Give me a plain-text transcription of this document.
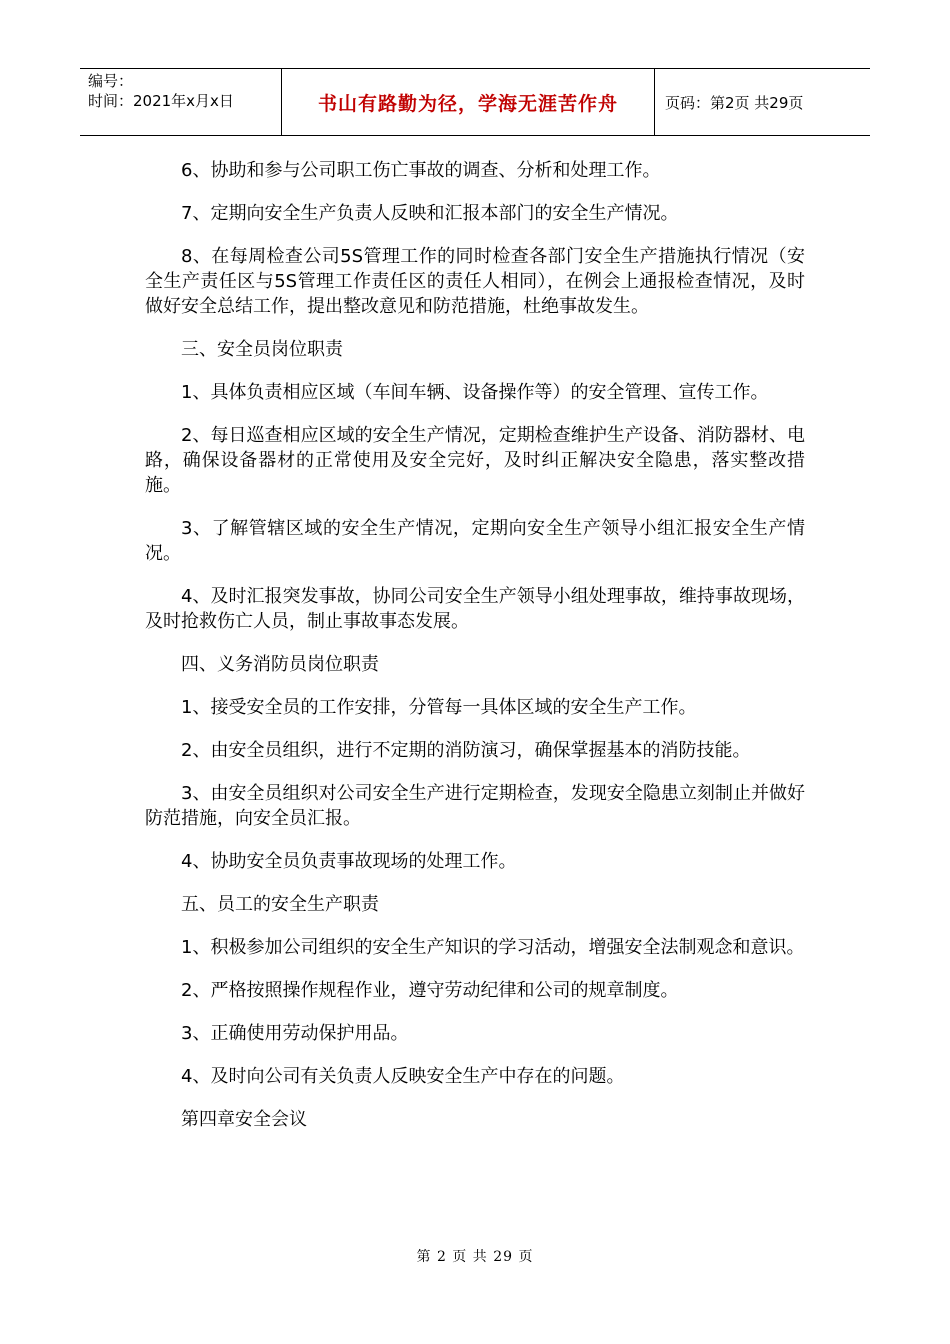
编号：
时间：2021年x月x日	书山有路勤为径，学海无涯苦作舟	页码：第2页 共29页

6、协助和参与公司职工伤亡事故的调查、分析和处理工作。

7、定期向安全生产负责人反映和汇报本部门的安全生产情况。

8、在每周检查公司5S管理工作的同时检查各部门安全生产措施执行情况（安全生产责任区与5S管理工作责任区的责任人相同），在例会上通报检查情况，及时做好安全总结工作，提出整改意见和防范措施，杜绝事故发生。

三、安全员岗位职责

1、具体负责相应区域（车间车辆、设备操作等）的安全管理、宣传工作。

2、每日巡查相应区域的安全生产情况，定期检查维护生产设备、消防器材、电路，确保设备器材的正常使用及安全完好，及时纠正解决安全隐患，落实整改措施。

3、了解管辖区域的安全生产情况，定期向安全生产领导小组汇报安全生产情况。

4、及时汇报突发事故，协同公司安全生产领导小组处理事故，维持事故现场，及时抢救伤亡人员，制止事故事态发展。

四、义务消防员岗位职责

1、接受安全员的工作安排，分管每一具体区域的安全生产工作。

2、由安全员组织，进行不定期的消防演习，确保掌握基本的消防技能。

3、由安全员组织对公司安全生产进行定期检查，发现安全隐患立刻制止并做好防范措施，向安全员汇报。

4、协助安全员负责事故现场的处理工作。

五、员工的安全生产职责

1、积极参加公司组织的安全生产知识的学习活动，增强安全法制观念和意识。

2、严格按照操作规程作业，遵守劳动纪律和公司的规章制度。

3、正确使用劳动保护用品。

4、及时向公司有关负责人反映安全生产中存在的问题。

第四章安全会议

第 2 页 共 29 页
